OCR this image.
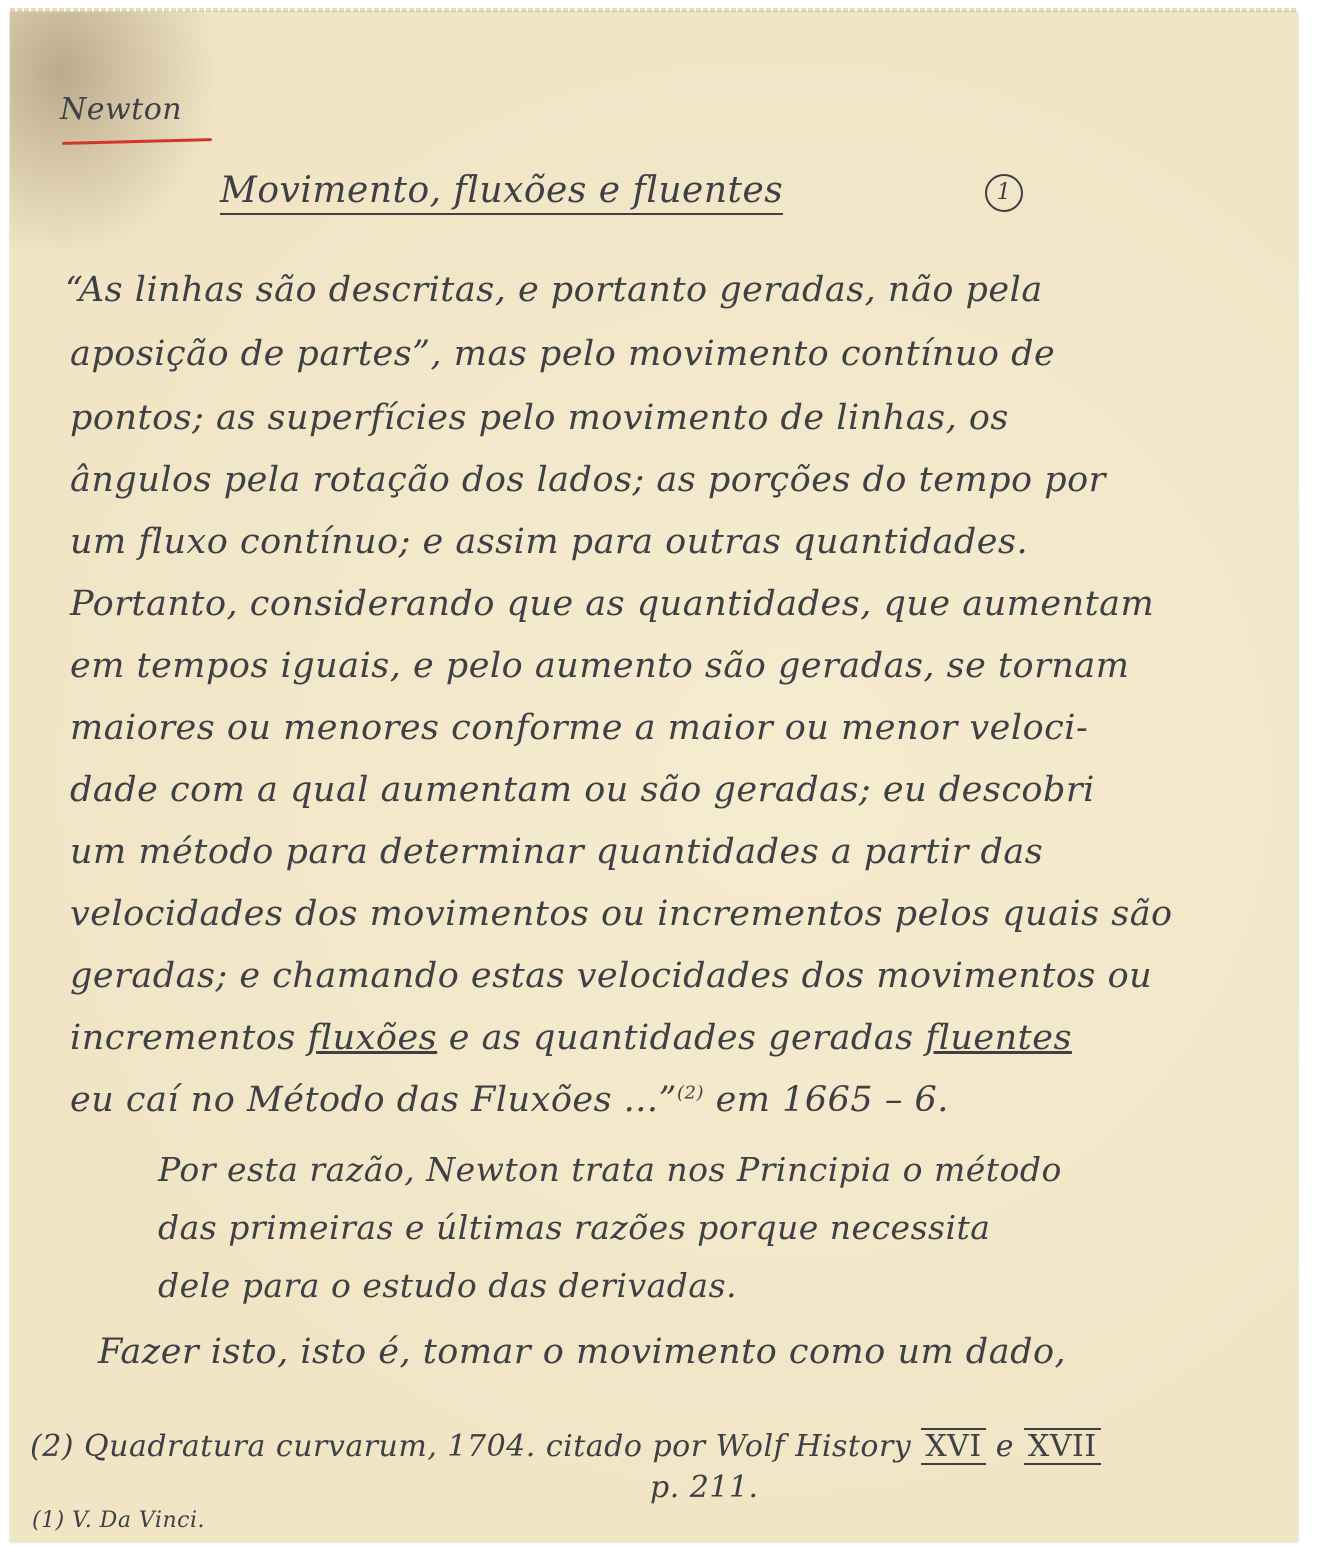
Newton
Movimento, fluxões e fluentes	1
“As linhas são descritas, e portanto geradas, não pela
aposição de partes”, mas pelo movimento contínuo de
pontos; as superfícies pelo movimento de linhas, os
ângulos pela rotação dos lados; as porções do tempo por
um fluxo contínuo; e assim para outras quantidades.
Portanto, considerando que as quantidades, que aumentam
em tempos iguais, e pelo aumento são geradas, se tornam
maiores ou menores conforme a maior ou menor veloci-
dade com a qual aumentam ou são geradas; eu descobri
um método para determinar quantidades a partir das
velocidades dos movimentos ou incrementos pelos quais são
geradas; e chamando estas velocidades dos movimentos ou
incrementos fluxões e as quantidades geradas fluentes
eu caí no Método das Fluxões ...”$^{(2)}$ em 1665 – 6.
Por esta razão, Newton trata nos Principia o método
das primeiras e últimas razões porque necessita
dele para o estudo das derivadas.
Fazer isto, isto é, tomar o movimento como um dado,
(2) Quadratura curvarum, 1704. citado por Wolf History XVI e XVII
p. 211.
(1) V. Da Vinci.
